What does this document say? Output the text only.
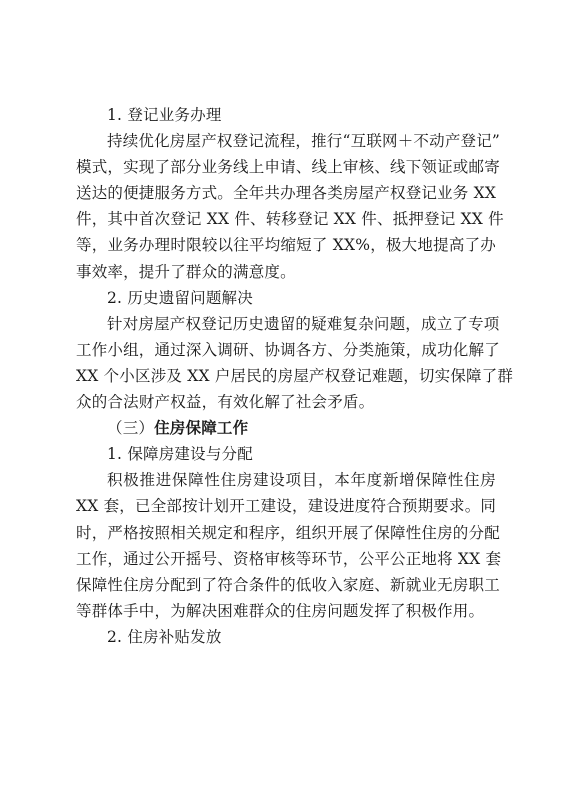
1. 登记业务办理
持续优化房屋产权登记流程，推行“互联网＋不动产登记”
模式，实现了部分业务线上申请、线上审核、线下领证或邮寄
送达的便捷服务方式。全年共办理各类房屋产权登记业务 XX
件，其中首次登记 XX 件、转移登记 XX 件、抵押登记 XX 件
等，业务办理时限较以往平均缩短了 XX%，极大地提高了办
事效率，提升了群众的满意度。
2. 历史遗留问题解决
针对房屋产权登记历史遗留的疑难复杂问题，成立了专项
工作小组，通过深入调研、协调各方、分类施策，成功化解了
XX 个小区涉及 XX 户居民的房屋产权登记难题，切实保障了群
众的合法财产权益，有效化解了社会矛盾。
（三）住房保障工作
1. 保障房建设与分配
积极推进保障性住房建设项目，本年度新增保障性住房
XX 套，已全部按计划开工建设，建设进度符合预期要求。同
时，严格按照相关规定和程序，组织开展了保障性住房的分配
工作，通过公开摇号、资格审核等环节，公平公正地将 XX 套
保障性住房分配到了符合条件的低收入家庭、新就业无房职工
等群体手中，为解决困难群众的住房问题发挥了积极作用。
2. 住房补贴发放
